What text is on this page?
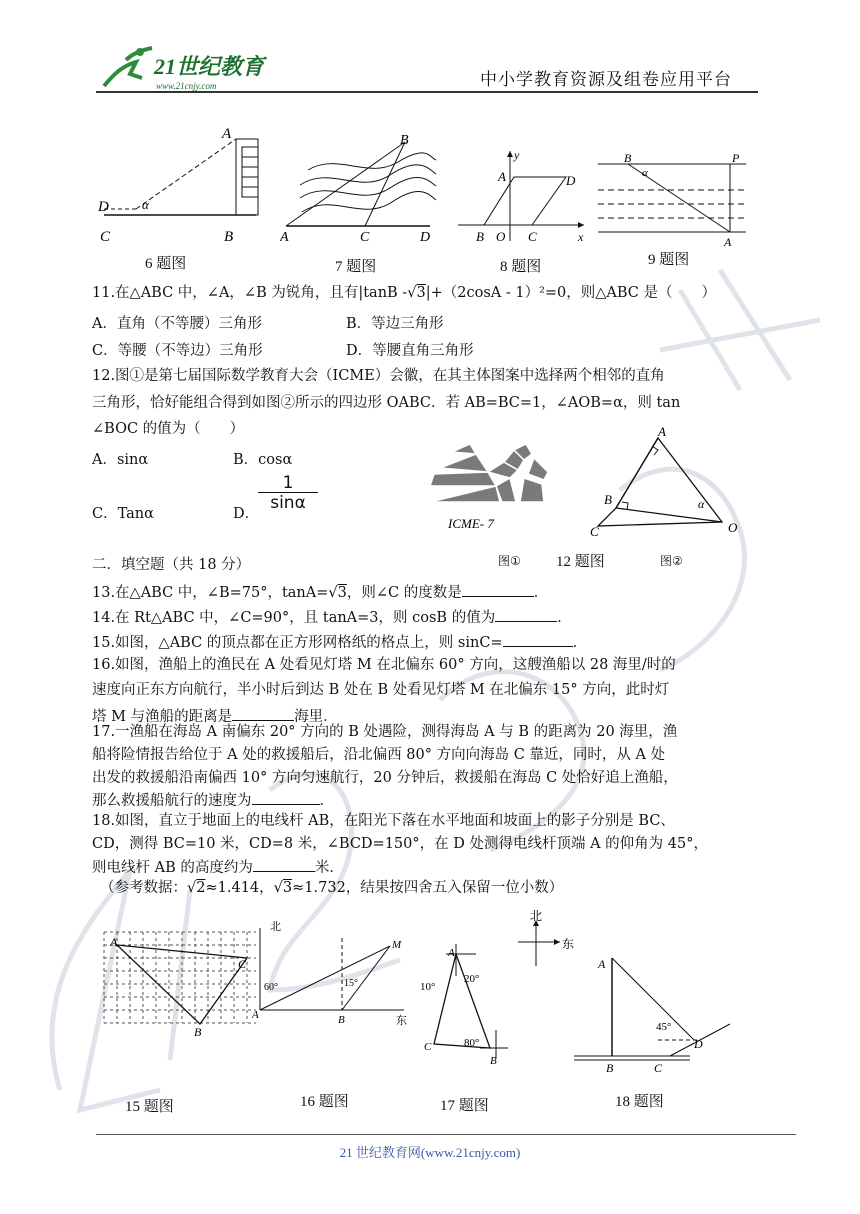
21世纪教育
www.21cnjy.com	中小学教育资源及组卷应用平台
A
D	α
C	B
6 题图
B
A	C	D
7 题图
y
A	D
B O C	x
8 题图
B
α
P
A
9 题图
11.在△ABC 中，∠A，∠B 为锐角，且有|tanB -√3|+（2cosA - 1）²=0，则△ABC 是（　　）
A．直角（不等腰）三角形	B．等边三角形
C．等腰（不等边）三角形	D．等腰直角三角形
12.图①是第七届国际数学教育大会（ICME）会徽，在其主体图案中选择两个相邻的直角
三角形，恰好能组合得到如图②所示的四边形 OABC．若 AB=BC=1，∠AOB=α，则 tan
∠BOC 的值为（　　）
A．sinα	B．cosα
C．Tanα	D．
1
sinα
ICME- 7
图① 12 题图	图②
A
B
C	O
α
二．填空题（共 18 分）
13.在△ABC 中，∠B=75°，tanA=√3，则∠C 的度数是	．
14.在 Rt△ABC 中，∠C=90°，且 tanA=3，则 cosB 的值为	．
15.如图，△ABC 的顶点都在正方形网格纸的格点上，则 sinC=	．
16.如图，渔船上的渔民在 A 处看见灯塔 M 在北偏东 60° 方向，这艘渔船以 28 海里/时的
速度向正东方向航行，半小时后到达 B 处在 B 处看见灯塔 M 在北偏东 15° 方向，此时灯
塔 M 与渔船的距离是	海里．
17.一渔船在海岛 A 南偏东 20° 方向的 B 处遇险，测得海岛 A 与 B 的距离为 20 海里，渔
船将险情报告给位于 A 处的救援船后，沿北偏西 80° 方向向海岛 C 靠近，同时，从 A 处
出发的救援船沿南偏西 10° 方向匀速航行，20 分钟后，救援船在海岛 C 处恰好追上渔船，
那么救援船航行的速度为	．
18.如图，直立于地面上的电线杆 AB，在阳光下落在水平地面和坡面上的影子分别是 BC、
CD，测得 BC=10 米，CD=8 米，∠BCD=150°，在 D 处测得电线杆顶端 A 的仰角为 45°，
则电线杆 AB 的高度约为	米．
（参考数据：√2≈1.414，√3≈1.732，结果按四舍五入保留一位小数）
A
C
B
15 题图
北
60°	15°
A	B
M
东
16 题图
北
东
A
10°
20°
80°
C
B
17 题图
A
45°
D
B	C
18 题图
21 世纪教育网(www.21cnjy.com)
